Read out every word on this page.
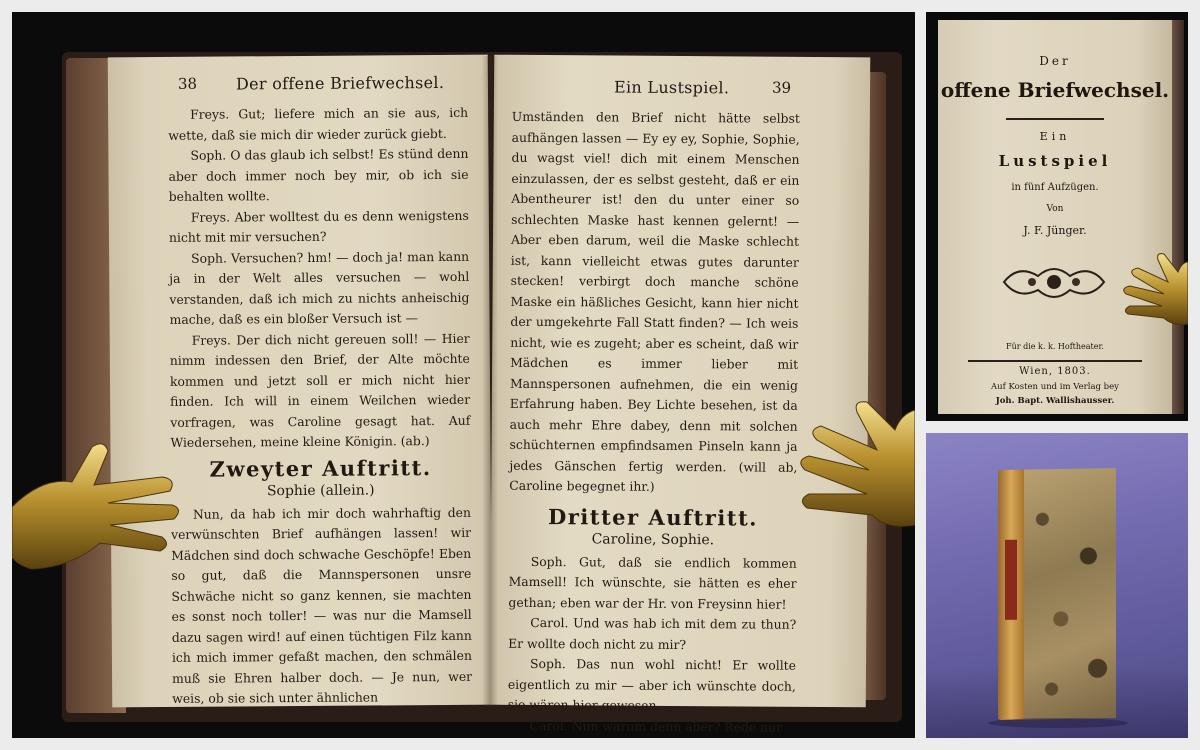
38 Der offene Briefwechsel.

Freys. Gut; liefere mich an sie aus, ich wette, daß sie mich dir wieder zurück giebt.

Soph. O das glaub ich selbst! Es stünd denn aber doch immer noch bey mir, ob ich sie behalten wollte.

Freys. Aber wolltest du es denn wenigstens nicht mit mir versuchen?

Soph. Versuchen? hm! — doch ja! man kann ja in der Welt alles versuchen — wohl verstanden, daß ich mich zu nichts anheischig mache, daß es ein bloßer Versuch ist —

Freys. Der dich nicht gereuen soll! — Hier nimm indessen den Brief, der Alte möchte kommen und jetzt soll er mich nicht hier finden. Ich will in einem Weilchen wieder vorfragen, was Caroline gesagt hat. Auf Wiedersehen, meine kleine Königin. (ab.)

Zweyter Auftritt.
Sophie (allein.)

Nun, da hab ich mir doch wahrhaftig den verwünschten Brief aufhängen lassen! wir Mädchen sind doch schwache Geschöpfe! Eben so gut, daß die Mannspersonen unsre Schwäche nicht so ganz kennen, sie machten es sonst noch toller! — was nur die Mamsell dazu sagen wird! auf einen tüchtigen Filz kann ich mich immer gefaßt machen, den schmälen muß sie Ehren halber doch. — Je nun, wer weis, ob sie sich unter ähnlichen

Ein Lustspiel.	39

Umständen den Brief nicht hätte selbst aufhängen lassen — Ey ey ey, Sophie, Sophie, du wagst viel! dich mit einem Menschen einzulassen, der es selbst gesteht, daß er ein Abentheurer ist! den du unter einer so schlechten Maske hast kennen gelernt! — Aber eben darum, weil die Maske schlecht ist, kann vielleicht etwas gutes darunter stecken! verbirgt doch manche schöne Maske ein häßliches Gesicht, kann hier nicht der umgekehrte Fall Statt finden? — Ich weis nicht, wie es zugeht; aber es scheint, daß wir Mädchen es immer lieber mit Mannspersonen aufnehmen, die ein wenig Erfahrung haben. Bey Lichte besehen, ist da auch mehr Ehre dabey, denn mit solchen schüchternen empfindsamen Pinseln kann ja jedes Gänschen fertig werden. (will ab, Caroline begegnet ihr.)

Dritter Auftritt.
Caroline, Sophie.

Soph. Gut, daß sie endlich kommen Mamsell! Ich wünschte, sie hätten es eher gethan; eben war der Hr. von Freysinn hier!

Carol. Und was hab ich mit dem zu thun? Er wollte doch nicht zu mir?

Soph. Das nun wohl nicht! Er wollte eigentlich zu mir — aber ich wünschte doch, sie wären hier gewesen.

Carol. Nun warum denn aber? Rede nur

Der
offene Briefwechsel.
Ein
Lustspiel
in fünf Aufzügen.
Von
J. F. Jünger.
Für die k. k. Hoftheater.
Wien, 1803.
Auf Kosten und im Verlag bey
Joh. Bapt. Wallishausser.
